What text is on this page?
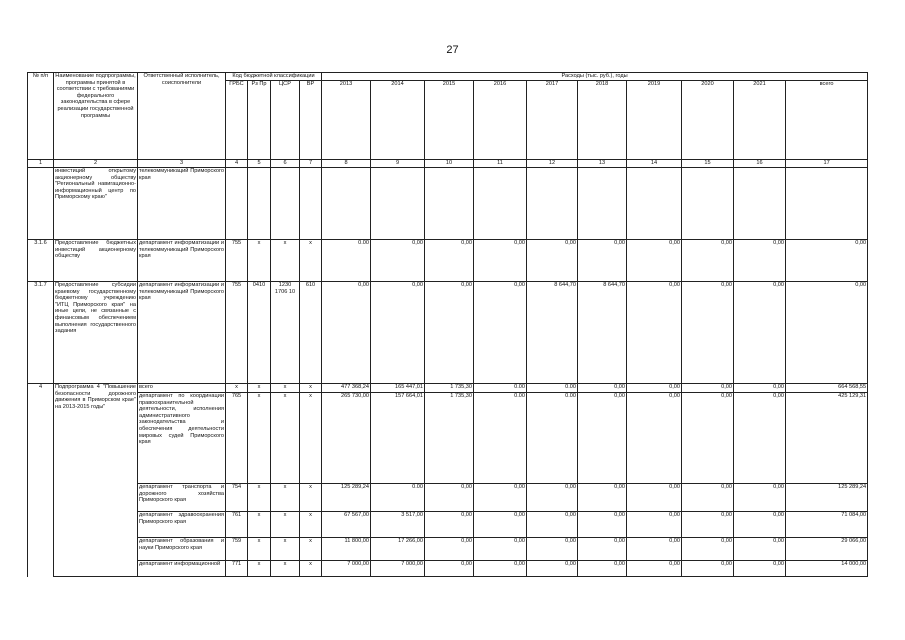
27
№ п/п	Наименование подпрограммы, программы принятой в соответствии с требованиями федерального законодательства в сфере реализации государственной программы	Ответственный исполнитель, соисполнители	Код бюджетной классификации				Расходы (тыс. руб.), годы									
			ГРБС	Рз Пр	ЦСР	ВР	2013	2014	2015	2016	2017	2018	2019	2020	2021	всего
1	2	3	4	5	6	7	8	9	10	11	12	13	14	15	16	17
	инвестиций открытому акционерному обществу "Региональный навигационно-информационный центр по Приморскому краю"	телекоммуникаций Приморского края														
3.1.6	Предоставление бюджетных инвестиций акционерному обществу	департамент информатизации и телекоммуникаций Приморского края	755	x	x	x	0.00	0,00	0,00	0,00	0,00	0,00	0,00	0,00	0,00	0,00
3.1.7	Предоставление субсидии краевому государственному бюджетному учреждению "ИТЦ Приморского края" на иные цели, не связанные с финансовым обеспечением выполнения государственного задания	департамент информатизации и телекоммуникаций Приморского края	755	0410	1230 1706 10	610	0,00	0,00	0,00	0,00	8 644,70	8 644,70	0,00	0,00	0,00	0,00
4	Подпрограмма 4 "Повышение безопасности дорожного движения в Приморском крае" на 2013-2015 годы"	всего	x	x	x	x	477 368,24	165 447,01	1 735,30	0.00	0.00	0,00	0,00	0,00	0,00	664 568,55
		департамент по координации правоохранительной деятельности, исполнения административного законодательства и обеспечения деятельности мировых судей Приморского края	765	x	x	x	265 730,00	157 664,01	1 735,30	0.00	0.00	0,00	0,00	0,00	0,00	425 129,31
		департамент транспорта и дорожного хозяйства Приморского края	754	x	x	x	125 289,24	0.00	0,00	0,00	0,00	0,00	0,00	0,00	0,00	125 289,24
		департамент здравоохранения Приморского края	761	x	x	x	67 567,00	3 517,00	0,00	0,00	0,00	0,00	0,00	0,00	0,00	71 084,00
		департамент образования и науки Приморского края	759	x	x	x	11 800,00	17 266,00	0,00	0,00	0,00	0,00	0,00	0,00	0,00	29 066,00
		департамент информационной	771	x	x	x	7 000,00	7 000,00	0,00	0,00	0,00	0,00	0,00	0,00	0,00	14 000,00
